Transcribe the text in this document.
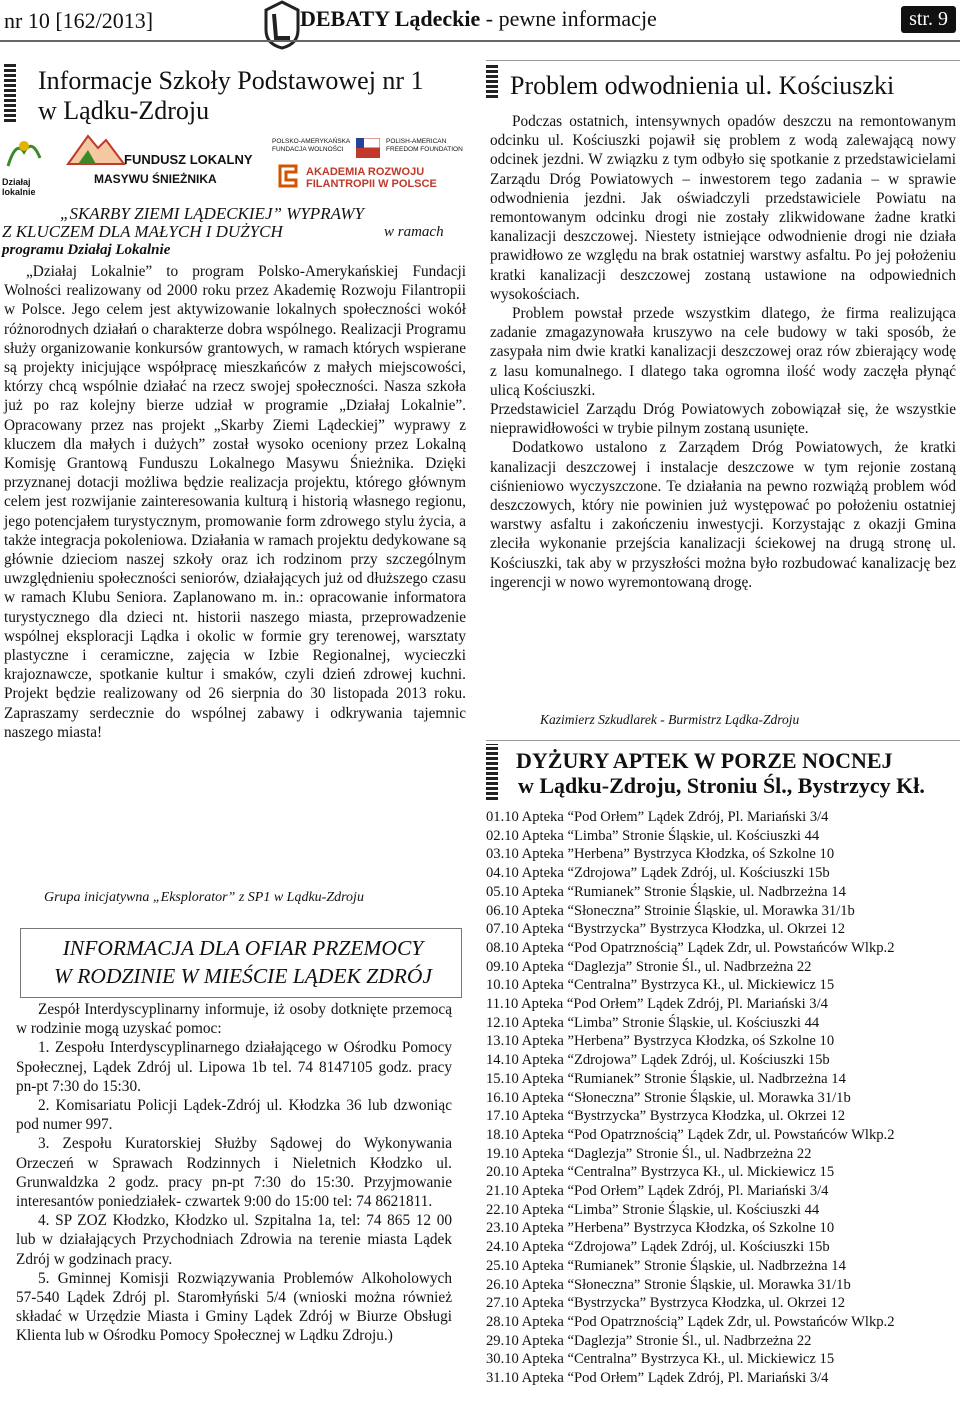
nr 10 [162/2013]	DEBATY Lądeckie - pewne informacje	str. 9
Informacje Szkoły Podstawowej nr 1
w Lądku-Zdroju
Działaj lokalnie
FUNDUSZ LOKALNY
MASYWU ŚNIEŻNIKA
POLSKO-AMERYKAŃSKA
FUNDACJA WOLNOŚCI
POLISH-AMERICAN
FREEDOM FOUNDATION
AKADEMIA ROZWOJU
FILANTROPII W POLSCE
„SKARBY ZIEMI LĄDECKIEJ” WYPRAWY
Z KLUCZEM DLA MAŁYCH I DUŻYCH	w ramach
programu Działaj Lokalnie

„Działaj Lokalnie” to program Polsko-Amerykańskiej Fundacji Wolności realizowany od 2000 roku przez Akademię Rozwoju Filantropii w Polsce. Jego celem jest aktywizowanie lokalnych społeczności wokół różnorodnych działań o charakterze dobra wspólnego. Realizacji Programu służy organizowanie konkursów grantowych, w ramach których wspierane są projekty inicjujące współpracę mieszkańców z małych miejscowości, którzy chcą wspólnie działać na rzecz swojej społeczności. Nasza szkoła już po raz kolejny bierze udział w programie „Działaj Lokalnie”. Opracowany przez nas projekt „Skarby Ziemi Lądeckiej” wyprawy z kluczem dla małych i dużych” został wysoko oceniony przez Lokalną Komisję Grantową Funduszu Lokalnego Masywu Śnieżnika. Dzięki przyznanej dotacji możliwa będzie realizacja projektu, którego głównym celem jest rozwijanie zainteresowania kulturą i historią własnego regionu, jego potencjałem turystycznym, promowanie form zdrowego stylu życia, a także integracja pokoleniowa. Działania w ramach projektu dedykowane są głównie dzieciom naszej szkoły oraz ich rodzinom przy szczególnym uwzględnieniu społeczności seniorów, działających już od dłuższego czasu w ramach Klubu Seniora. Zaplanowano m. in.: opracowanie informatora turystycznego dla dzieci nt. historii naszego miasta, przeprowadzenie wspólnej eksploracji Lądka i okolic w formie gry terenowej, warsztaty plastyczne i ceramiczne, zajęcia w Izbie Regionalnej, wycieczki krajoznawcze, spotkanie kultur i smaków, czyli dzień zdrowej kuchni. Projekt będzie realizowany od 26 sierpnia do 30 listopada 2013 roku. Zapraszamy serdecznie do wspólnej zabawy i odkrywania tajemnic naszego miasta!

Grupa inicjatywna „Eksplorator” z SP1 w Lądku-Zdroju
INFORMACJA DLA OFIAR PRZEMOCY
W RODZINIE W MIEŚCIE LĄDEK ZDRÓJ

Zespół Interdyscyplinarny informuje, iż osoby dotknięte przemocą w rodzinie mogą uzyskać pomoc:

1. Zespołu Interdyscyplinarnego działającego w Ośrodku Pomocy Społecznej, Lądek Zdrój ul. Lipowa 1b tel. 74 8147105 godz. pracy pn-pt 7:30 do 15:30.

2. Komisariatu Policji Lądek-Zdrój ul. Kłodzka 36 lub dzwoniąc pod numer 997.

3. Zespołu Kuratorskiej Służby Sądowej do Wykonywania Orzeczeń w Sprawach Rodzinnych i Nieletnich Kłodzko ul. Grunwaldzka 2 godz. pracy pn-pt 7:30 do 15:30. Przyjmowanie interesantów poniedziałek- czwartek 9:00 do 15:00 tel: 74 8621811.

4. SP ZOZ Kłodzko, Kłodzko ul. Szpitalna 1a, tel: 74 865 12 00 lub w działających Przychodniach Zdrowia na terenie miasta Lądek Zdrój w godzinach pracy.

5. Gminnej Komisji Rozwiązywania Problemów Alkoholowych 57-540 Lądek Zdrój pl. Staromłyński 5/4 (wnioski można również składać w Urzędzie Miasta i Gminy Lądek Zdrój w Biurze Obsługi Klienta lub w Ośrodku Pomocy Społecznej w Lądku Zdroju.)

Problem odwodnienia ul. Kościuszki

Podczas ostatnich, intensywnych opadów deszczu na remontowanym odcinku ul. Kościuszki pojawił się problem z wodą zalewającą nowy odcinek jezdni. W związku z tym odbyło się spotkanie z przedstawicielami Zarządu Dróg Powiatowych – inwestorem tego zadania – w sprawie odwodnienia jezdni. Jak oświadczyli przedstawiciele Powiatu na remontowanym odcinku drogi nie zostały zlikwidowane żadne kratki kanalizacji deszczowej. Niestety istniejące odwodnienie drogi nie działa prawidłowo ze względu na brak ostatniej warstwy asfaltu. Po jej położeniu kratki kanalizacji deszczowej zostaną ustawione na odpowiednich wysokościach.

Problem powstał przede wszystkim dlatego, że firma realizująca zadanie zmagazynowała kruszywo na cele budowy w taki sposób, że zasypała nim dwie kratki kanalizacji deszczowej oraz rów zbierający wodę z lasu komunalnego. I dlatego taka ogromna ilość wody zaczęła płynąć ulicą Kościuszki.

Przedstawiciel Zarządu Dróg Powiatowych zobowiązał się, że wszystkie nieprawidłowości w trybie pilnym zostaną usunięte.

Dodatkowo ustalono z Zarządem Dróg Powiatowych, że kratki kanalizacji deszczowej i instalacje deszczowe w tym rejonie zostaną ciśnieniowo wyczyszczone. Te działania na pewno rozwiążą problem wód deszczowych, który nie powinien już występować po położeniu ostatniej warstwy asfaltu i zakończeniu inwestycji. Korzystając z okazji Gmina zleciła wykonanie przejścia kanalizacji ściekowej na drugą stronę ul. Kościuszki, tak aby w przyszłości można było rozbudować kanalizację bez ingerencji w nowo wyremontowaną drogę.

Kazimierz Szkudlarek - Burmistrz Lądka-Zdroju
DYŻURY APTEK W PORZE NOCNEJ
w Lądku-Zdroju, Stroniu Śl., Bystrzycy Kł.
01.10 Apteka “Pod Orłem” Lądek Zdrój, Pl. Mariański 3/4
02.10 Apteka “Limba” Stronie Śląskie, ul. Kościuszki 44
03.10 Apteka ”Herbena” Bystrzyca Kłodzka, oś Szkolne 10
04.10 Apteka “Zdrojowa” Lądek Zdrój, ul. Kościuszki 15b
05.10 Apteka “Rumianek” Stronie Śląskie, ul. Nadbrzeżna 14
06.10 Apteka “Słoneczna” Stroinie Śląskie, ul. Morawka 31/1b
07.10 Apteka “Bystrzycka” Bystrzyca Kłodzka, ul. Okrzei 12
08.10 Apteka “Pod Opatrznością” Lądek Zdr, ul. Powstańców Wlkp.2
09.10 Apteka “Daglezja” Stronie Śl., ul. Nadbrzeżna 22
10.10 Apteka “Centralna” Bystrzyca Kł., ul. Mickiewicz 15
11.10 Apteka “Pod Orłem” Lądek Zdrój, Pl. Mariański 3/4
12.10 Apteka “Limba” Stronie Śląskie, ul. Kościuszki 44
13.10 Apteka ”Herbena” Bystrzyca Kłodzka, oś Szkolne 10
14.10 Apteka “Zdrojowa” Lądek Zdrój, ul. Kościuszki 15b
15.10 Apteka “Rumianek” Stronie Śląskie, ul. Nadbrzeżna 14
16.10 Apteka “Słoneczna” Stronie Śląskie, ul. Morawka 31/1b
17.10 Apteka “Bystrzycka” Bystrzyca Kłodzka, ul. Okrzei 12
18.10 Apteka “Pod Opatrznością” Lądek Zdr, ul. Powstańców Wlkp.2
19.10 Apteka “Daglezja” Stronie Śl., ul. Nadbrzeżna 22
20.10 Apteka “Centralna” Bystrzyca Kł., ul. Mickiewicz 15
21.10 Apteka “Pod Orłem” Lądek Zdrój, Pl. Mariański 3/4
22.10 Apteka “Limba” Stronie Śląskie, ul. Kościuszki 44
23.10 Apteka ”Herbena” Bystrzyca Kłodzka, oś Szkolne 10
24.10 Apteka “Zdrojowa” Lądek Zdrój, ul. Kościuszki 15b
25.10 Apteka “Rumianek” Stronie Śląskie, ul. Nadbrzeżna 14
26.10 Apteka “Słoneczna” Stronie Śląskie, ul. Morawka 31/1b
27.10 Apteka “Bystrzycka” Bystrzyca Kłodzka, ul. Okrzei 12
28.10 Apteka “Pod Opatrznością” Lądek Zdr, ul. Powstańców Wlkp.2
29.10 Apteka “Daglezja” Stronie Śl., ul. Nadbrzeżna 22
30.10 Apteka “Centralna” Bystrzyca Kł., ul. Mickiewicz 15
31.10 Apteka “Pod Orłem” Lądek Zdrój, Pl. Mariański 3/4
